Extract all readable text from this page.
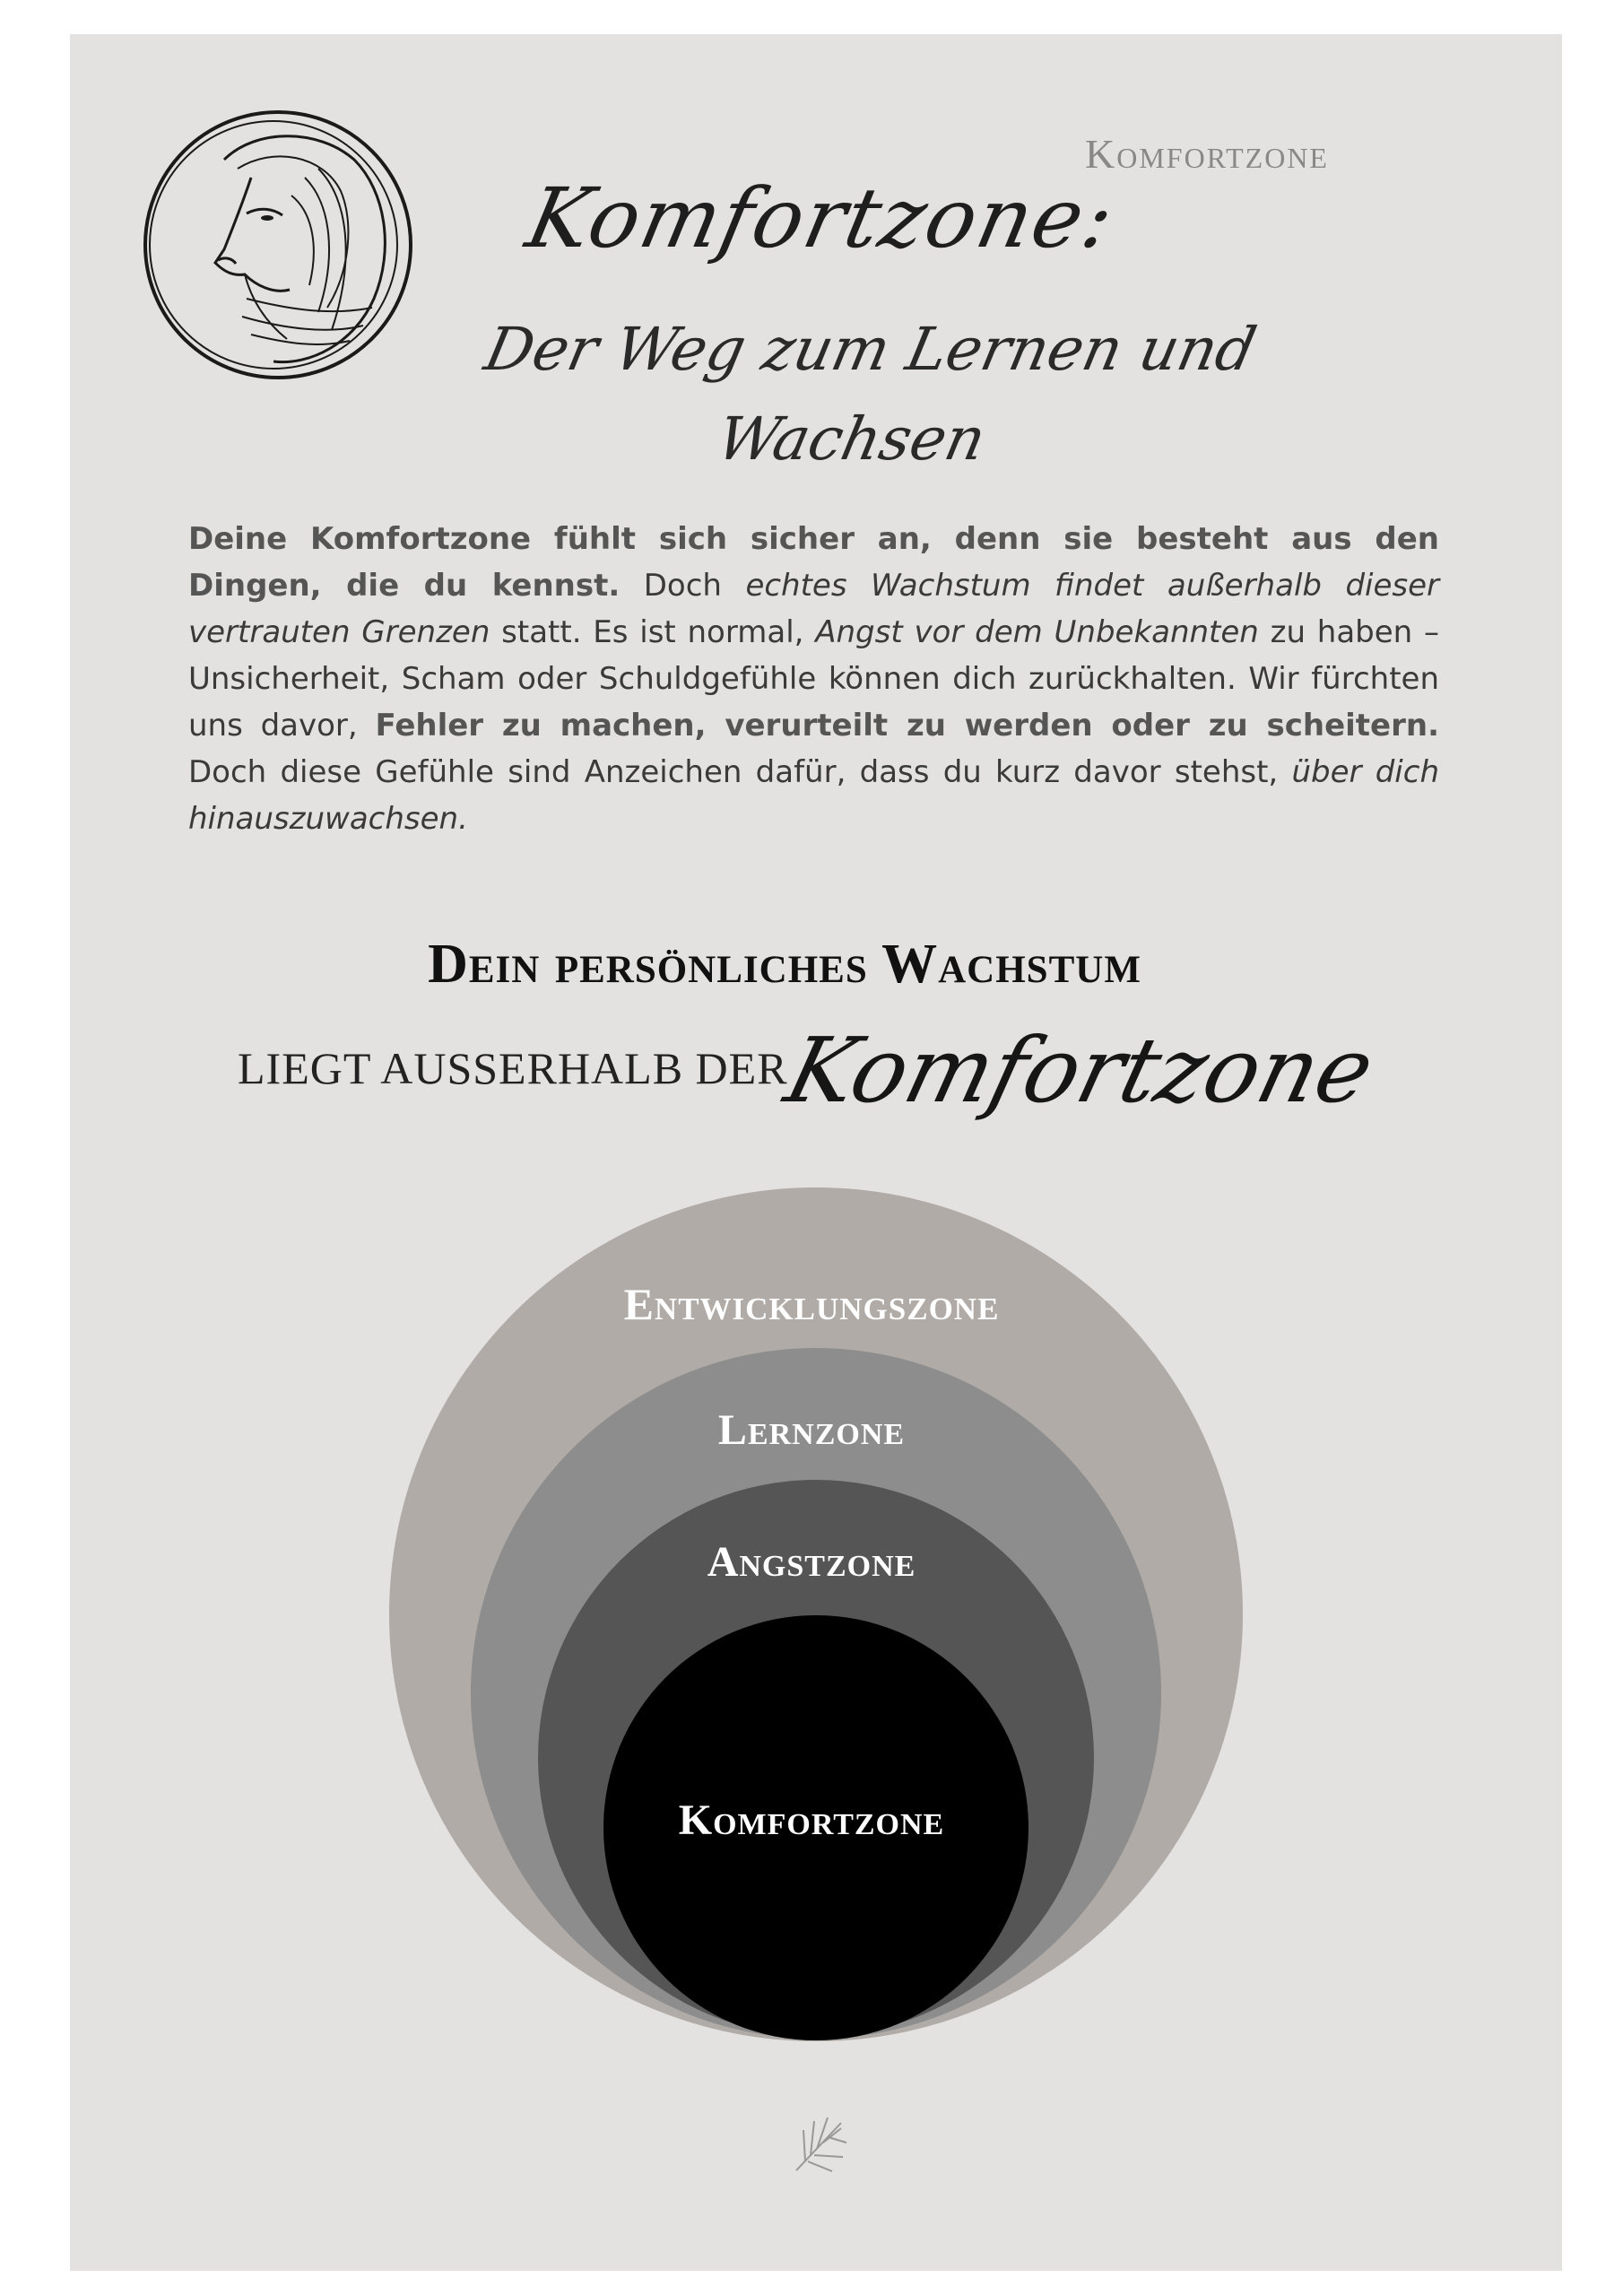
Komfortzone
Komfortzone:
Der Weg zum Lernen und Wachsen
Deine Komfortzone fühlt sich sicher an, denn sie besteht aus den Dingen, die du kennst. Doch echtes Wachstum findet außerhalb dieser vertrauten Grenzen statt. Es ist normal, Angst vor dem Unbekannten zu haben – Unsicherheit, Scham oder Schuldgefühle können dich zurückhalten. Wir fürchten uns davor, Fehler zu machen, verurteilt zu werden oder zu scheitern. Doch diese Gefühle sind Anzeichen dafür, dass du kurz davor stehst, über dich hinauszuwachsen.
Dein persönliches Wachstum
LIEGT AUSSERHALB DER
Komfortzone
Entwicklungszone
Lernzone
Angstzone
Komfortzone
